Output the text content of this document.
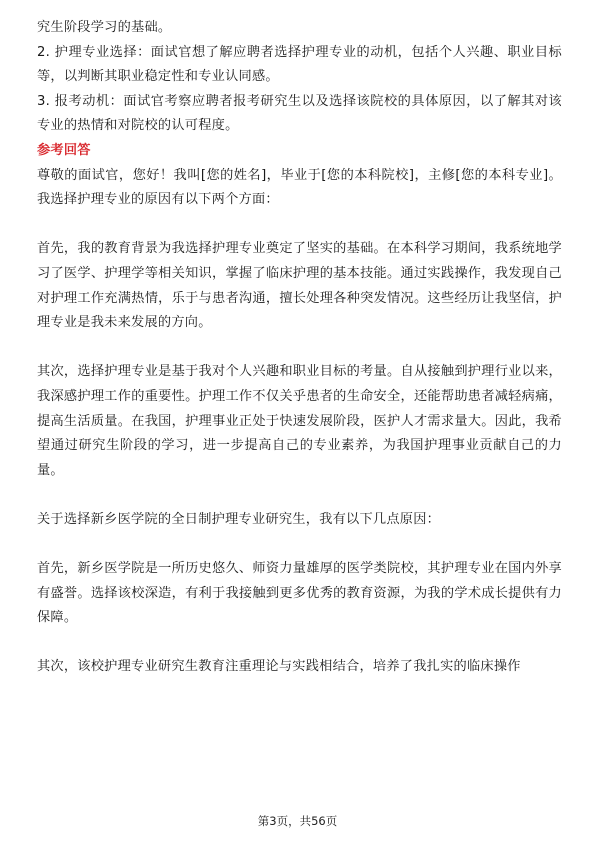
究生阶段学习的基础。

2. 护理专业选择：面试官想了解应聘者选择护理专业的动机，包括个人兴趣、职业目标等，以判断其职业稳定性和专业认同感。

3. 报考动机：面试官考察应聘者报考研究生以及选择该院校的具体原因，以了解其对该专业的热情和对院校的认可程度。

参考回答

尊敬的面试官，您好！我叫[您的姓名]，毕业于[您的本科院校]，主修[您的本科专业]。我选择护理专业的原因有以下两个方面：

首先，我的教育背景为我选择护理专业奠定了坚实的基础。在本科学习期间，我系统地学习了医学、护理学等相关知识，掌握了临床护理的基本技能。通过实践操作，我发现自己对护理工作充满热情，乐于与患者沟通，擅长处理各种突发情况。这些经历让我坚信，护理专业是我未来发展的方向。

其次，选择护理专业是基于我对个人兴趣和职业目标的考量。自从接触到护理行业以来，我深感护理工作的重要性。护理工作不仅关乎患者的生命安全，还能帮助患者减轻病痛，提高生活质量。在我国，护理事业正处于快速发展阶段，医护人才需求量大。因此，我希望通过研究生阶段的学习，进一步提高自己的专业素养，为我国护理事业贡献自己的力量。

关于选择新乡医学院的全日制护理专业研究生，我有以下几点原因：

首先，新乡医学院是一所历史悠久、师资力量雄厚的医学类院校，其护理专业在国内外享有盛誉。选择该校深造，有利于我接触到更多优秀的教育资源，为我的学术成长提供有力保障。

其次，该校护理专业研究生教育注重理论与实践相结合，培养了我扎实的临床操作

第3页，共56页
